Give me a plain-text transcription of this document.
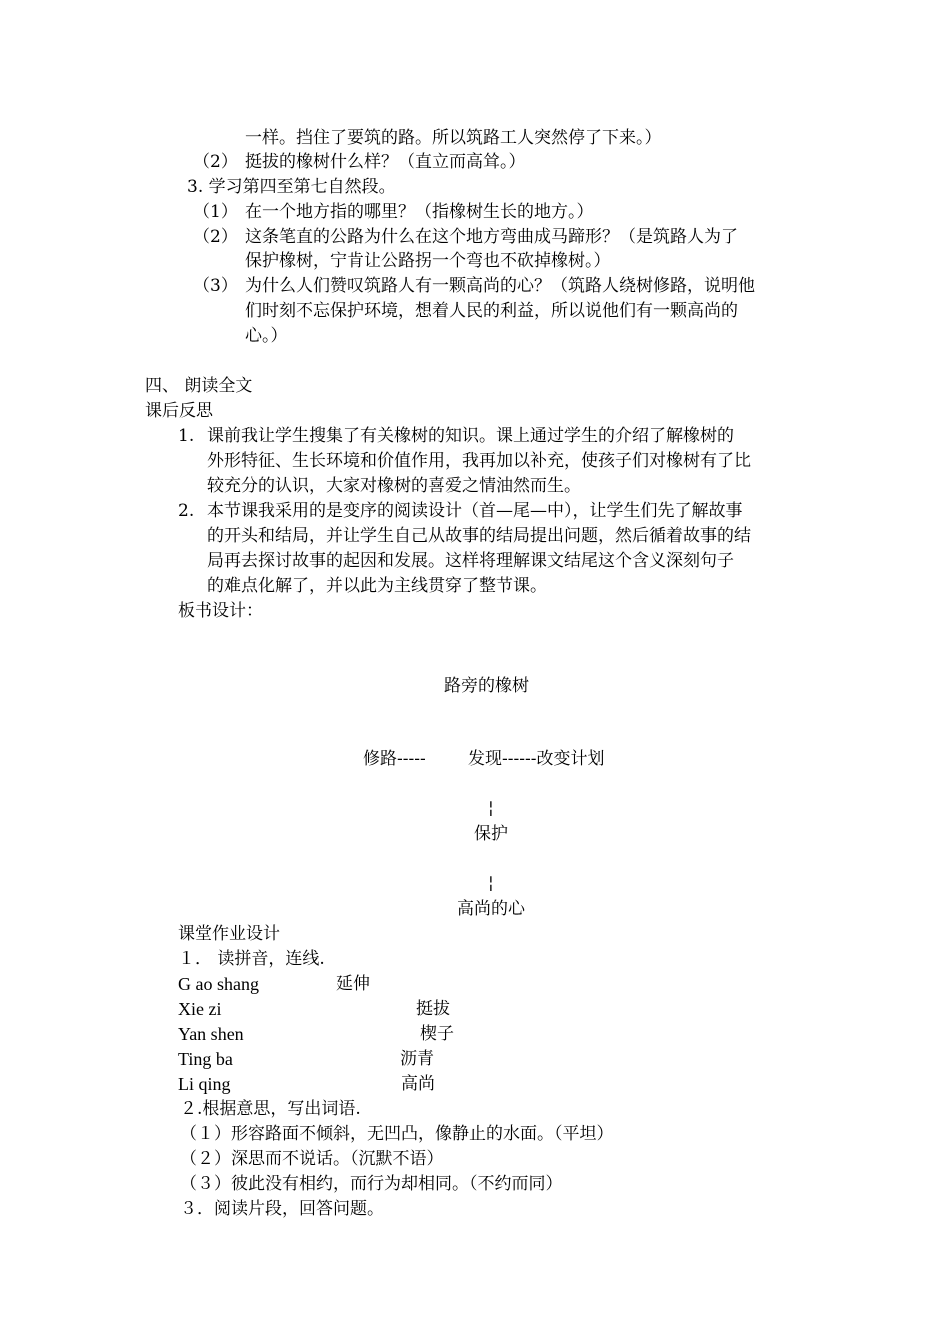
一样。挡住了要筑的路。所以筑路工人突然停了下来。）
（2） 挺拔的橡树什么样？（直立而高耸。）
3. 学习第四至第七自然段。
（1） 在一个地方指的哪里？（指橡树生长的地方。）
（2） 这条笔直的公路为什么在这个地方弯曲成马蹄形？（是筑路人为了
保护橡树，宁肯让公路拐一个弯也不砍掉橡树。）
（3） 为什么人们赞叹筑路人有一颗高尚的心？（筑路人绕树修路，说明他
们时刻不忘保护环境，想着人民的利益，所以说他们有一颗高尚的
心。）
四、 朗读全文
课后反思
1. 课前我让学生搜集了有关橡树的知识。课上通过学生的介绍了解橡树的
外形特征、生长环境和价值作用，我再加以补充，使孩子们对橡树有了比
较充分的认识，大家对橡树的喜爱之情油然而生。
2. 本节课我采用的是变序的阅读设计（首—尾—中），让学生们先了解故事
的开头和结局，并让学生自己从故事的结局提出问题，然后循着故事的结
局再去探讨故事的起因和发展。这样将理解课文结尾这个含义深刻句子
的难点化解了，并以此为主线贯穿了整节课。
板书设计：
路旁的橡树
修路----- 发现------改变计划
¦
保护
¦
高尚的心
课堂作业设计
１． 读拼音，连线.
G ao shang	延伸
Xie zi	挺拔
Yan shen	楔子
Ting ba	沥青
Li qing	高尚
２.根据意思，写出词语.
（１）形容路面不倾斜，无凹凸，像静止的水面。（平坦）
（２）深思而不说话。（沉默不语）
（３）彼此没有相约，而行为却相同。（不约而同）
３．阅读片段，回答问题。
